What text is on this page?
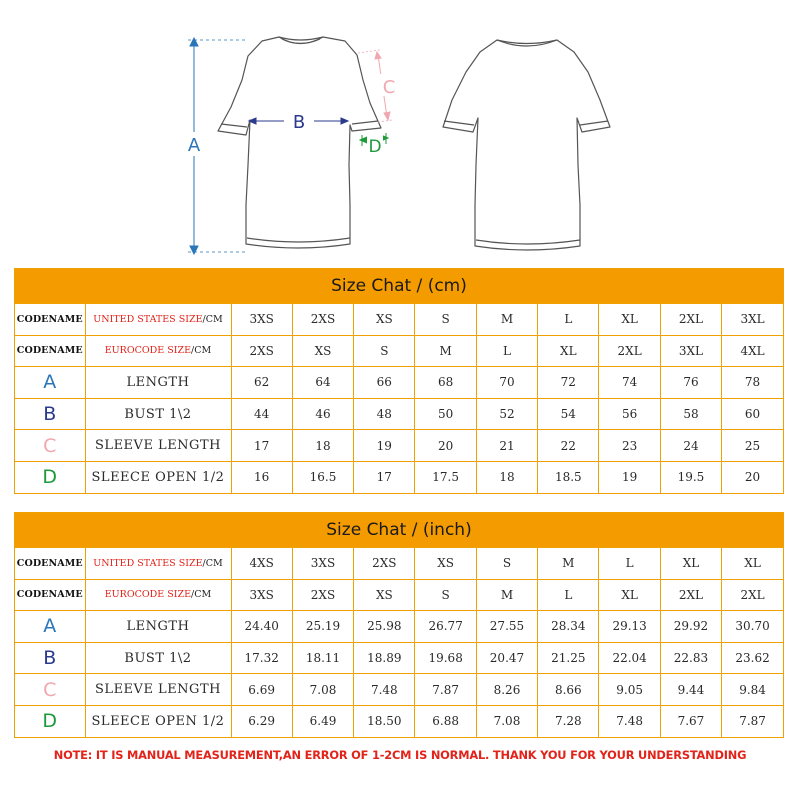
A
B
C
D
Size Chat / (cm)
CODENAME	UNITED STATES SIZE/CM	3XS	2XS	XS	S	M	L	XL	2XL	3XL
CODENAME	EUROCODE SIZE/CM	2XS	XS	S	M	L	XL	2XL	3XL	4XL
A	LENGTH	62	64	66	68	70	72	74	76	78
B	BUST 1\2	44	46	48	50	52	54	56	58	60
C	SLEEVE LENGTH	17	18	19	20	21	22	23	24	25
D	SLEECE OPEN 1/2	16	16.5	17	17.5	18	18.5	19	19.5	20
Size Chat / (inch)
CODENAME	UNITED STATES SIZE/CM	4XS	3XS	2XS	XS	S	M	L	XL	XL
CODENAME	EUROCODE SIZE/CM	3XS	2XS	XS	S	M	L	XL	2XL	2XL
A	LENGTH	24.40	25.19	25.98	26.77	27.55	28.34	29.13	29.92	30.70
B	BUST 1\2	17.32	18.11	18.89	19.68	20.47	21.25	22.04	22.83	23.62
C	SLEEVE LENGTH	6.69	7.08	7.48	7.87	8.26	8.66	9.05	9.44	9.84
D	SLEECE OPEN 1/2	6.29	6.49	18.50	6.88	7.08	7.28	7.48	7.67	7.87
NOTE: IT IS MANUAL MEASUREMENT,AN ERROR OF 1-2CM IS NORMAL. THANK YOU FOR YOUR UNDERSTANDING
